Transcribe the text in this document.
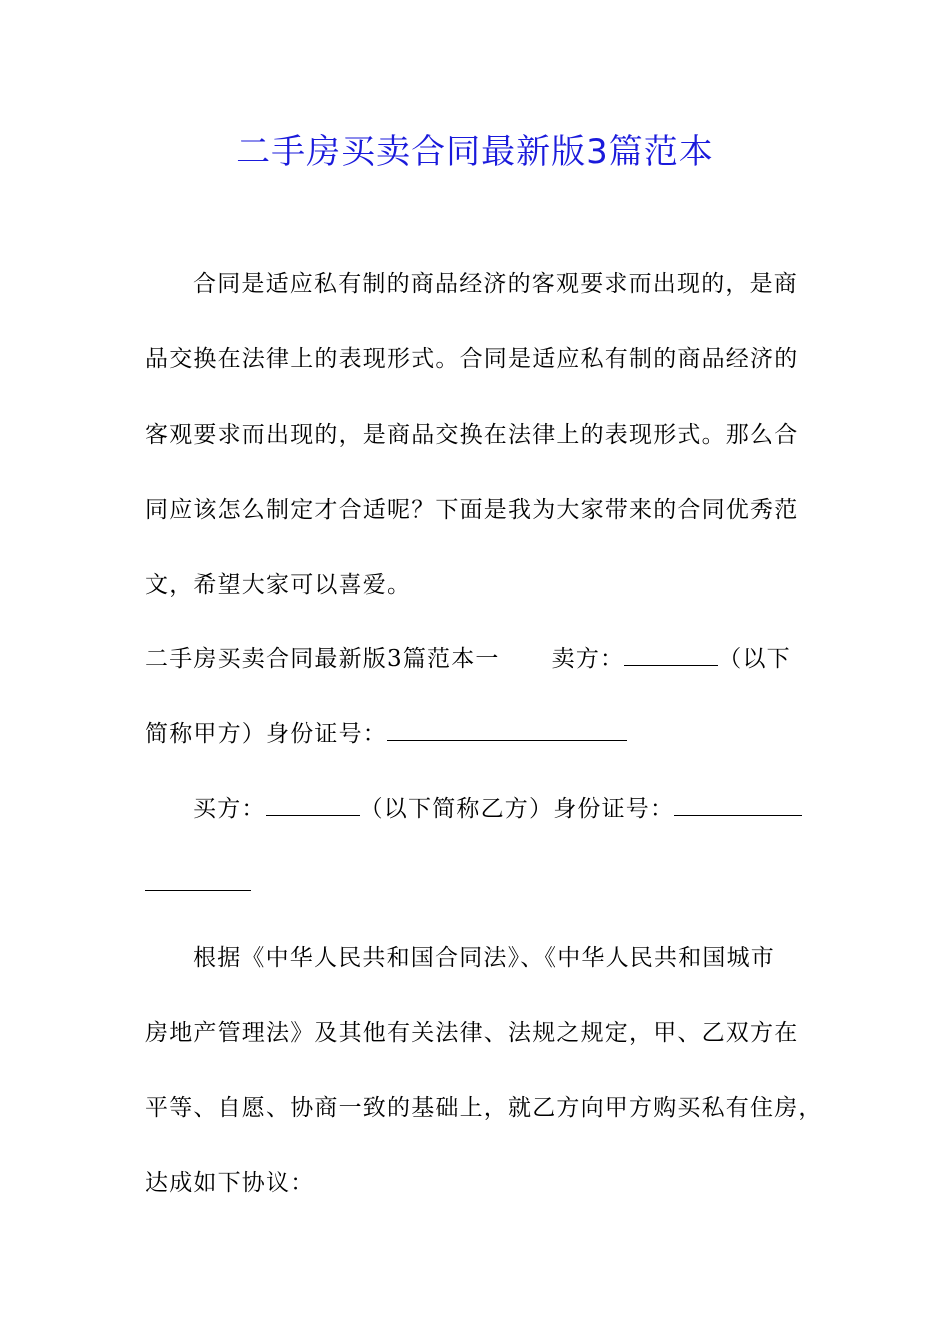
二手房买卖合同最新版3篇范本
合同是适应私有制的商品经济的客观要求而出现的，是商
品交换在法律上的表现形式。合同是适应私有制的商品经济的
客观要求而出现的，是商品交换在法律上的表现形式。那么合
同应该怎么制定才合适呢？下面是我为大家带来的合同优秀范
文，希望大家可以喜爱。
二手房买卖合同最新版3篇范本一 卖方：	（以下
简称甲方）身份证号：
买方：	（以下简称乙方）身份证号：
根据《中华人民共和国合同法》、《中华人民共和国城市
房地产管理法》及其他有关法律、法规之规定，甲、乙双方在
平等、自愿、协商一致的基础上，就乙方向甲方购买私有住房，
达成如下协议：
